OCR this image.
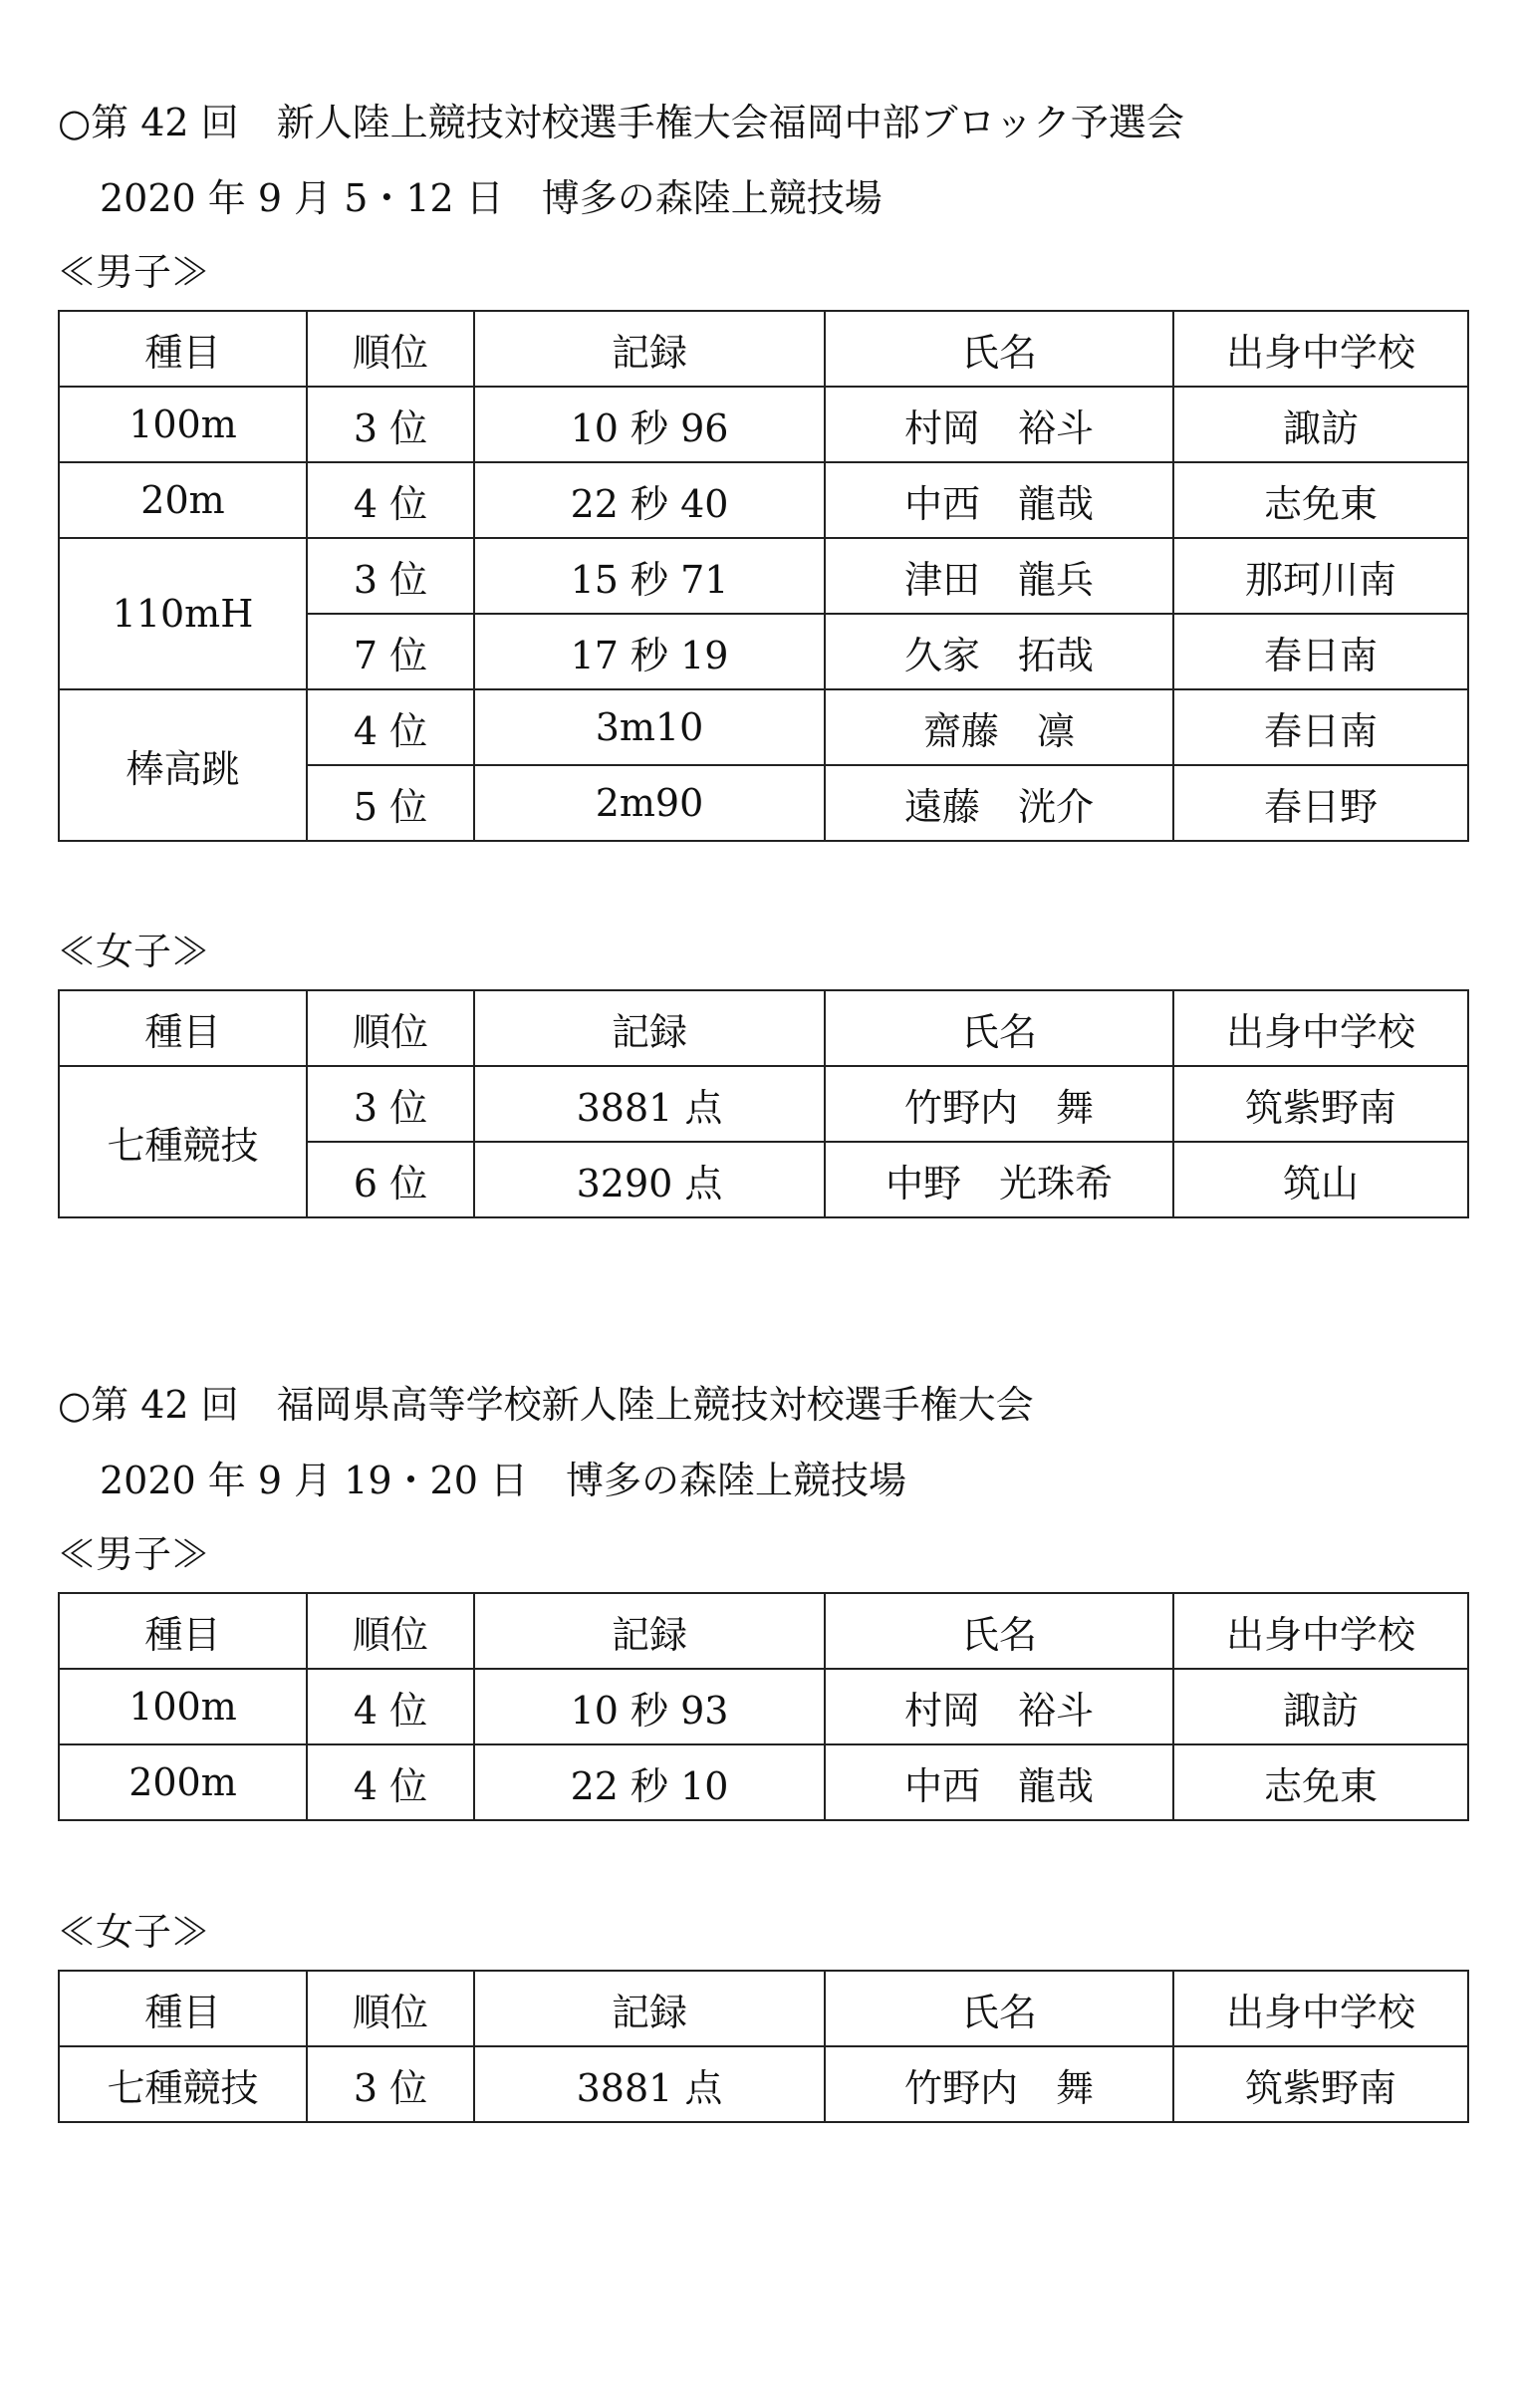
○第 42 回　新人陸上競技対校選手権大会福岡中部ブロック予選会
2020 年 9 月 5・12 日　博多の森陸上競技場
≪男子≫
種目	順位	記録	氏名	出身中学校
100m	3 位	10 秒 96	村岡　裕斗	諏訪
20m	4 位	22 秒 40	中西　龍哉	志免東
110mH	3 位	15 秒 71	津田　龍兵	那珂川南
	7 位	17 秒 19	久家　拓哉	春日南
棒高跳	4 位	3m10	齋藤　凛	春日南
	5 位	2m90	遠藤　洸介	春日野
≪女子≫
種目	順位	記録	氏名	出身中学校
七種競技	3 位	3881 点	竹野内　舞	筑紫野南
	6 位	3290 点	中野　光珠希	筑山
○第 42 回　福岡県高等学校新人陸上競技対校選手権大会
2020 年 9 月 19・20 日　博多の森陸上競技場
≪男子≫
種目	順位	記録	氏名	出身中学校
100m	4 位	10 秒 93	村岡　裕斗	諏訪
200m	4 位	22 秒 10	中西　龍哉	志免東
≪女子≫
種目	順位	記録	氏名	出身中学校
七種競技	3 位	3881 点	竹野内　舞	筑紫野南
